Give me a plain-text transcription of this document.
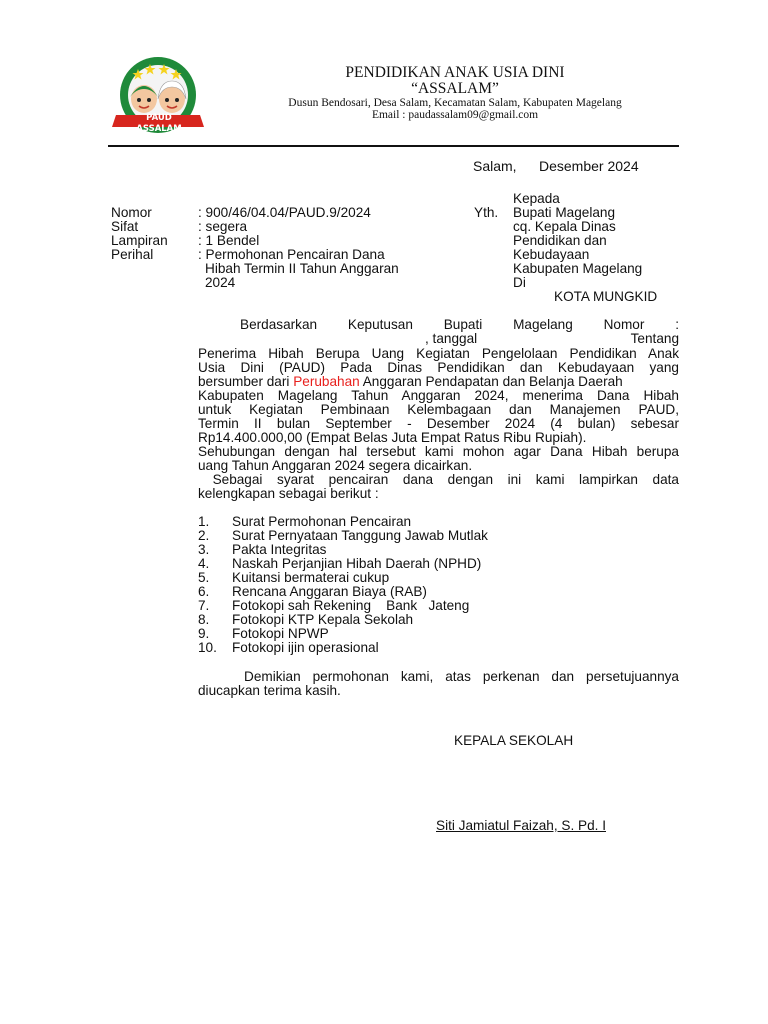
PAUD ASSALAM
PENDIDIKAN ANAK USIA DINI
“ASSALAM”
Dusun Bendosari, Desa Salam, Kecamatan Salam, Kabupaten Magelang
Email : paudassalam09@gmail.com
Salam, Desember 2024
Kepada
Yth. Bupati Magelang
cq. Kepala Dinas
Pendidikan dan
Kebudayaan
Kabupaten Magelang
Di
KOTA MUNGKID
Nomor	: 900/46/04.04/PAUD.9/2024
Sifat	: segera
Lampiran : 1 Bendel
Perihal	: Permohonan Pencairan Dana
Hibah Termin II Tahun Anggaran
2024
Berdasarkan Keputusan Bupati Magelang Nomor :
, tanggal	Tentang
Penerima Hibah Berupa Uang Kegiatan Pengelolaan Pendidikan Anak
Usia Dini (PAUD) Pada Dinas Pendidikan dan Kebudayaan yang
bersumber dari Perubahan Anggaran Pendapatan dan Belanja Daerah
Kabupaten Magelang Tahun Anggaran 2024, menerima Dana Hibah
untuk Kegiatan Pembinaan Kelembagaan dan Manajemen PAUD,
Termin II bulan September - Desember 2024 (4 bulan) sebesar
Rp14.400.000,00 (Empat Belas Juta Empat Ratus Ribu Rupiah).
Sehubungan dengan hal tersebut kami mohon agar Dana Hibah berupa
uang Tahun Anggaran 2024 segera dicairkan.
Sebagai syarat pencairan dana dengan ini kami lampirkan data
kelengkapan sebagai berikut :
1. Surat Permohonan Pencairan
2. Surat Pernyataan Tanggung Jawab Mutlak
3. Pakta Integritas
4. Naskah Perjanjian Hibah Daerah (NPHD)
5. Kuitansi bermaterai cukup
6. Rencana Anggaran Biaya (RAB)
7. Fotokopi sah Rekening    Bank   Jateng
8. Fotokopi KTP Kepala Sekolah
9. Fotokopi NPWP
10. Fotokopi ijin operasional
Demikian permohonan kami, atas perkenan dan persetujuannya
diucapkan terima kasih.
KEPALA SEKOLAH
Siti Jamiatul Faizah, S. Pd. I
